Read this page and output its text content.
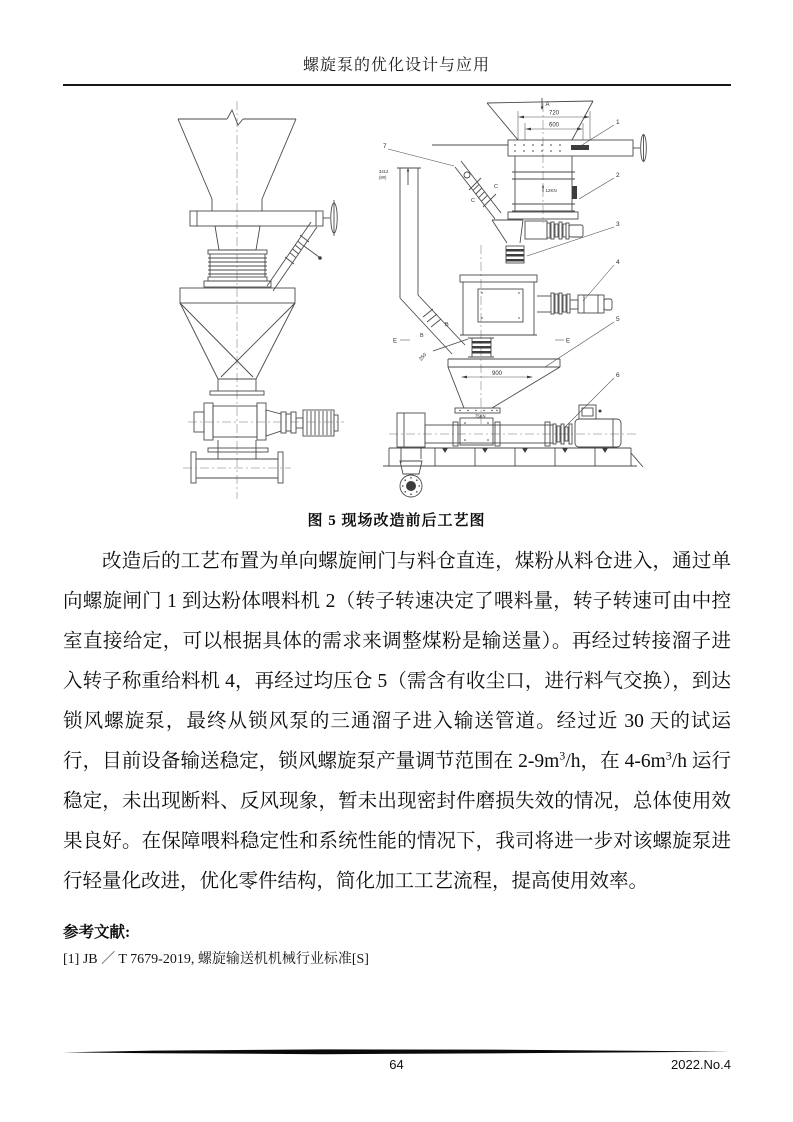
螺旋泵的优化设计与应用
A
720
600	1
2
12KN
3
4
5
6
7
3412
(8#)
C
C
B
B
250
E	E
900
75KN
图 5 现场改造前后工艺图

改造后的工艺布置为单向螺旋闸门与料仓直连，煤粉从料仓进入，通过单向螺旋闸门 1 到达粉体喂料机 2（转子转速决定了喂料量，转子转速可由中控室直接给定，可以根据具体的需求来调整煤粉是输送量）。再经过转接溜子进入转子称重给料机 4，再经过均压仓 5（需含有收尘口，进行料气交换），到达锁风螺旋泵，最终从锁风泵的三通溜子进入输送管道。经过近 30 天的试运行，目前设备输送稳定，锁风螺旋泵产量调节范围在 $2-9m^3/h$，在 $4-6m^3/h$ 运行稳定，未出现断料、反风现象，暂未出现密封件磨损失效的情况，总体使用效果良好。在保障喂料稳定性和系统性能的情况下，我司将进一步对该螺旋泵进行轻量化改进，优化零件结构，简化加工工艺流程，提高使用效率。

参考文献:
[1] JB ／ T 7679-2019, 螺旋输送机机械行业标准[S]
64	2022.No.4
